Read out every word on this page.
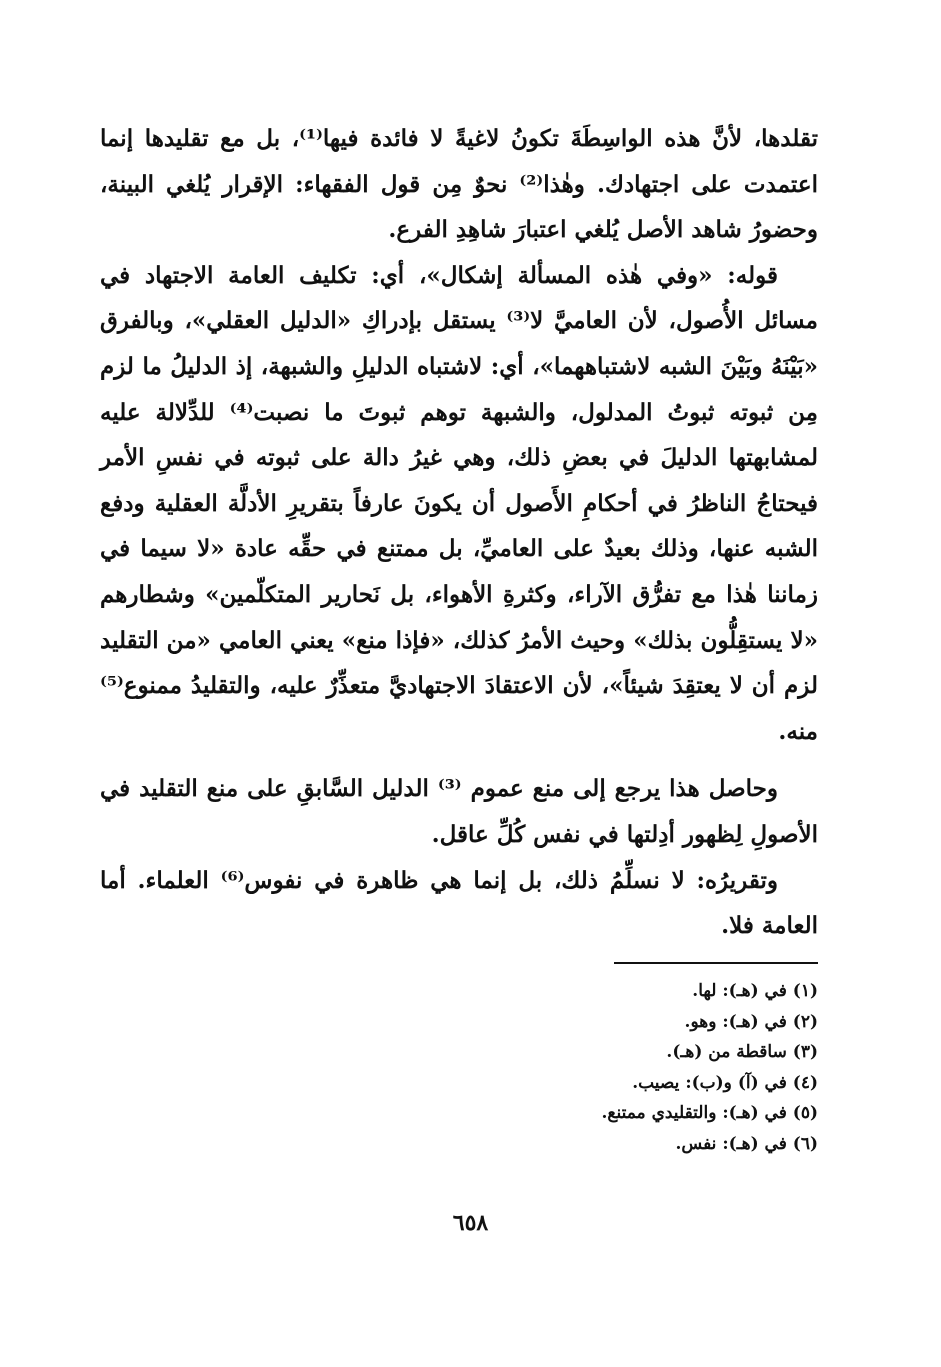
تقلدها، لأنَّ هذه الواسِطَةَ تكونُ لاغيةً لا فائدة فيها⁽¹⁾، بل مع تقليدها إنما
اعتمدت على اجتهادك. وهٰذا⁽²⁾ نحوٌ مِن قول الفقهاء: الإقرار يُلغي البينة،
وحضورُ شاهد الأصل يُلغي اعتبارَ شاهِدِ الفرع.
قوله: «وفي هٰذه المسألة إشكال»، أي: تكليف العامة الاجتهاد في
مسائل الأُصول، لأن العاميَّ لا⁽³⁾ يستقل بإدراكِ «الدليل العقلي»، وبالفرق
«بَيْنَهُ وبَيْنَ الشبه لاشتباههما»، أي: لاشتباه الدليلِ والشبهة، إذ الدليلُ ما لزم
مِن ثبوته ثبوتُ المدلول، والشبهة توهم ثبوتَ ما نصبت⁽⁴⁾ للدِّلالة عليه
لمشابهتها الدليلَ في بعضِ ذلك، وهي غيرُ دالة على ثبوته في نفسِ الأمر
فيحتاجُ الناظرُ في أحكامِ الأَصول أن يكونَ عارفاً بتقريرِ الأدلَّة العقلية ودفع
الشبه عنها، وذلك بعيدٌ على العاميِّ، بل ممتنع في حقِّه عادة «لا سيما في
زماننا هٰذا مع تفرُّق الآراء، وكثرةِ الأهواء، بل نَحارير المتكلّمين» وشطارهم
«لا يستقِلُّون بذلك» وحيث الأمرُ كذلك، «فإذا منع» يعني العامي «من التقليد
لزم أن لا يعتقِدَ شيئاً»، لأن الاعتقادَ الاجتهاديَّ متعذِّرٌ عليه، والتقليدُ ممنوع⁽⁵⁾
منه.
وحاصل هذا يرجع إلى منع عموم ⁽³⁾ الدليل السَّابقِ على منع التقليد في
الأصولِ لِظهور أدِلتها في نفس كُلِّ عاقل.
وتقريرُه: لا نسلِّمُ ذلك، بل إنما هي ظاهرة في نفوس⁽⁶⁾ العلماء. أما
العامة فلا.
(١) في (هـ): لها.
(٢) في (هـ): وهو.
(٣) ساقطة من (هـ).
(٤) في (آ) و(ب): يصيب.
(٥) في (هـ): والتقليدي ممتنع.
(٦) في (هـ): نفس.
٦٥٨
